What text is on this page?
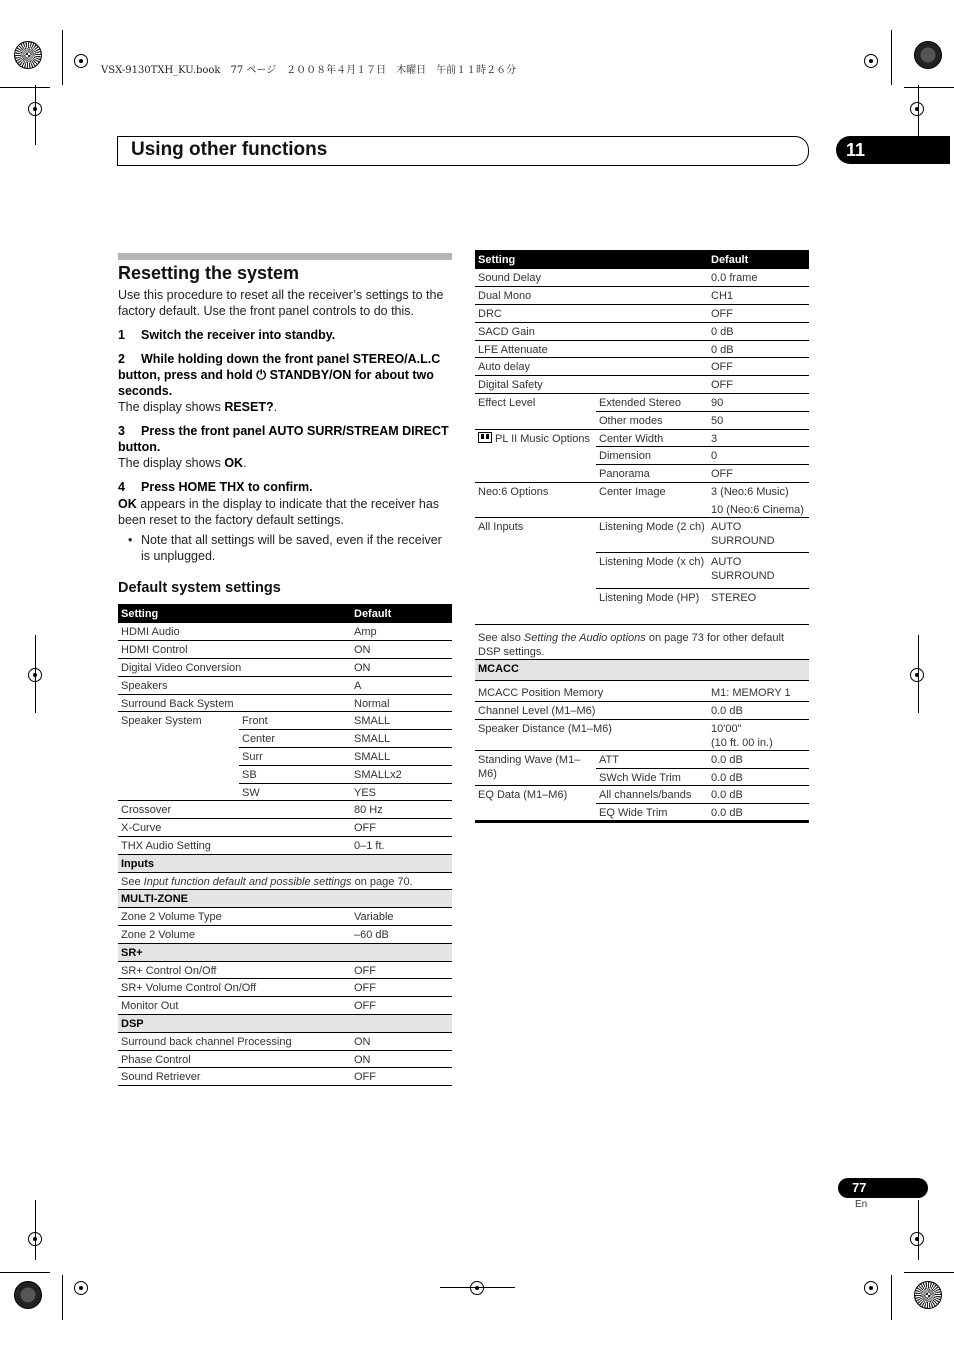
VSX-9130TXH_KU.book　77 ページ　２００８年４月１７日　木曜日　午前１１時２６分
Using other functions	11
Resetting the system
Use this procedure to reset all the receiver’s settings to the factory default. Use the front panel controls to do this.
1 Switch the receiver into standby.
2 While holding down the front panel STEREO/A.L.C button, press and hold ⏻ STANDBY/ON for about two seconds.
The display shows RESET?.
3 Press the front panel AUTO SURR/STREAM DIRECT button.
The display shows OK.
4 Press HOME THX to confirm.
OK appears in the display to indicate that the receiver has been reset to the factory default settings.
• Note that all settings will be saved, even if the receiver is unplugged.
Default system settings
Setting		Default
HDMI Audio		Amp
HDMI Control		ON
Digital Video Conversion		ON
Speakers		A
Surround Back System		Normal
Speaker System	Front	SMALL
	Center	SMALL
	Surr	SMALL
	SB	SMALLx2
	SW	YES
Crossover		80 Hz
X-Curve		OFF
THX Audio Setting		0–1 ft.
Inputs		
See Input function default and possible settings on page 70.		
MULTI-ZONE		
Zone 2 Volume Type		Variable
Zone 2 Volume		–60 dB
SR+		
SR+ Control On/Off		OFF
SR+ Volume Control On/Off		OFF
Monitor Out		OFF
DSP		
Surround back channel Processing		ON
Phase Control		ON
Sound Retriever		OFF
Setting		Default
Sound Delay		0.0 frame
Dual Mono		CH1
DRC		OFF
SACD Gain		0 dB
LFE Attenuate		0 dB
Auto delay		OFF
Digital Safety		OFF
Effect Level	Extended Stereo	90
	Other modes	50
PL II Music Options	Center Width	3
	Dimension	0
	Panorama	OFF
Neo:6 Options	Center Image	3 (Neo:6 Music)
10 (Neo:6 Cinema)

All Inputs	Listening Mode (2 ch)	AUTO SURROUND
	Listening Mode (x ch)	AUTO SURROUND
	Listening Mode (HP)	STEREO
See also Setting the Audio options on page 73 for other default DSP settings.		
MCACC		
MCACC Position Memory		M1: MEMORY 1
Channel Level (M1–M6)		0.0 dB
Speaker Distance (M1–M6)		10'00"
(10 ft. 00 in.)

Standing Wave (M1–M6)	ATT	0.0 dB
	SWch Wide Trim	0.0 dB
EQ Data (M1–M6)	All channels/bands	0.0 dB
	EQ Wide Trim	0.0 dB
77
En
